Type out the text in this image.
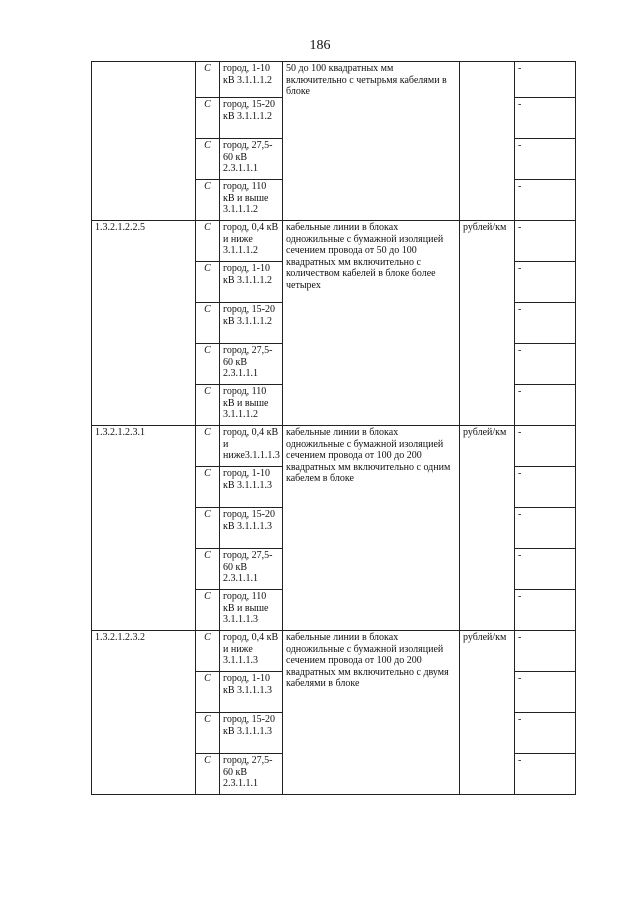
186
	С	город, 1-10 кВ 3.1.1.1.2	50 до 100 квадратных мм включительно с четырьмя кабелями в блоке		-
	С	город, 15-20 кВ 3.1.1.1.2			-
	С	город, 27,5-60 кВ 2.3.1.1.1			-
	С	город, 110 кВ и выше 3.1.1.1.2			-
1.3.2.1.2.2.5	С	город, 0,4 кВ и ниже 3.1.1.1.2	кабельные линии в блоках одножильные с бумажной изоляцией сечением провода от 50 до 100 квадратных мм включительно с количеством кабелей в блоке более четырех	рублей/км	-
	С	город, 1-10 кВ 3.1.1.1.2			-
	С	город, 15-20 кВ 3.1.1.1.2			-
	С	город, 27,5-60 кВ 2.3.1.1.1			-
	С	город, 110 кВ и выше 3.1.1.1.2			-
1.3.2.1.2.3.1	С	город, 0,4 кВ и ниже3.1.1.1.3	кабельные линии в блоках одножильные с бумажной изоляцией сечением провода от 100 до 200 квадратных мм включительно с одним кабелем в блоке	рублей/км	-
	С	город, 1-10 кВ 3.1.1.1.3			-
	С	город, 15-20 кВ 3.1.1.1.3			-
	С	город, 27,5-60 кВ 2.3.1.1.1			-
	С	город, 110 кВ и выше 3.1.1.1.3			-
1.3.2.1.2.3.2	С	город, 0,4 кВ и ниже 3.1.1.1.3	кабельные линии в блоках одножильные с бумажной изоляцией сечением провода от 100 до 200 квадратных мм включительно с двумя кабелями в блоке	рублей/км	-
	С	город, 1-10 кВ 3.1.1.1.3			-
	С	город, 15-20 кВ 3.1.1.1.3			-
	С	город, 27,5-60 кВ 2.3.1.1.1			-
